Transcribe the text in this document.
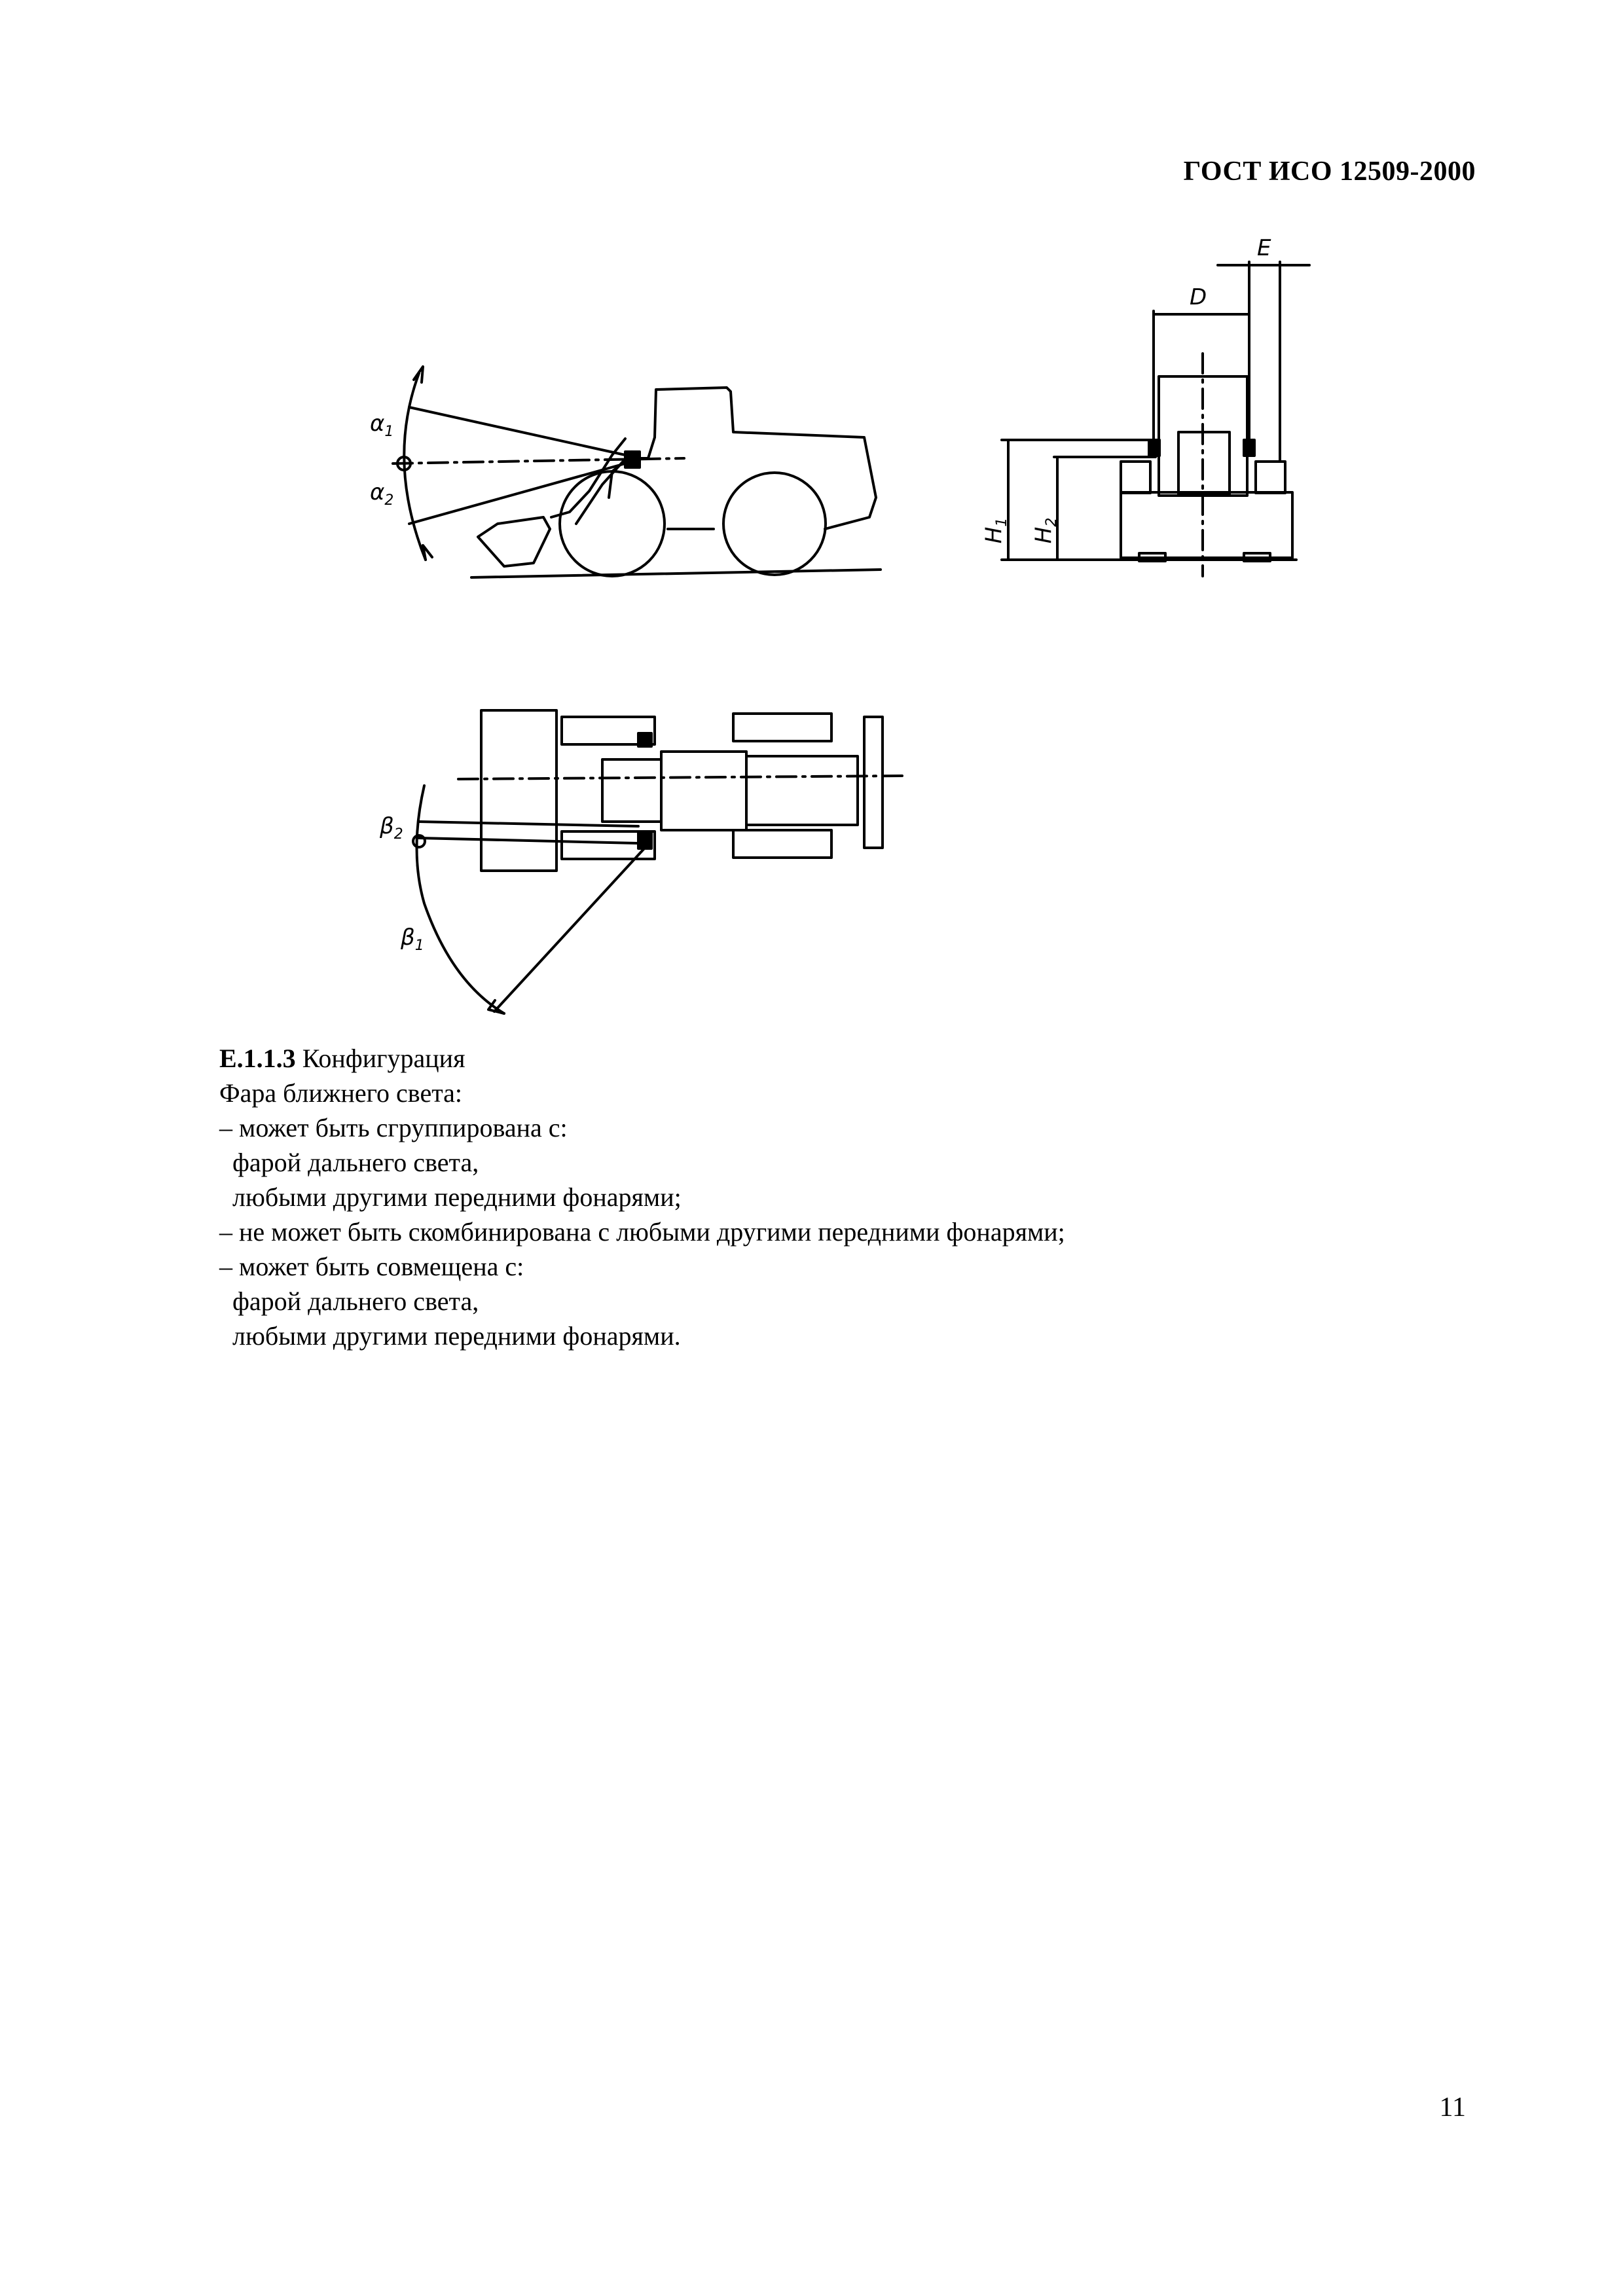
ГОСТ ИСО 12509-2000
$\alpha_1$
$\alpha_2$
D
E
$H_1$
$H_2$
$\beta_2$
$\beta_1$
Е.1.1.3 Конфигурация
Фара ближнего света:
– может быть сгруппирована с:
фарой дальнего света,
любыми другими передними фонарями;
– не может быть скомбинирована с любыми другими передними фонарями;
– может быть совмещена с:
фарой дальнего света,
любыми другими передними фонарями.
11
